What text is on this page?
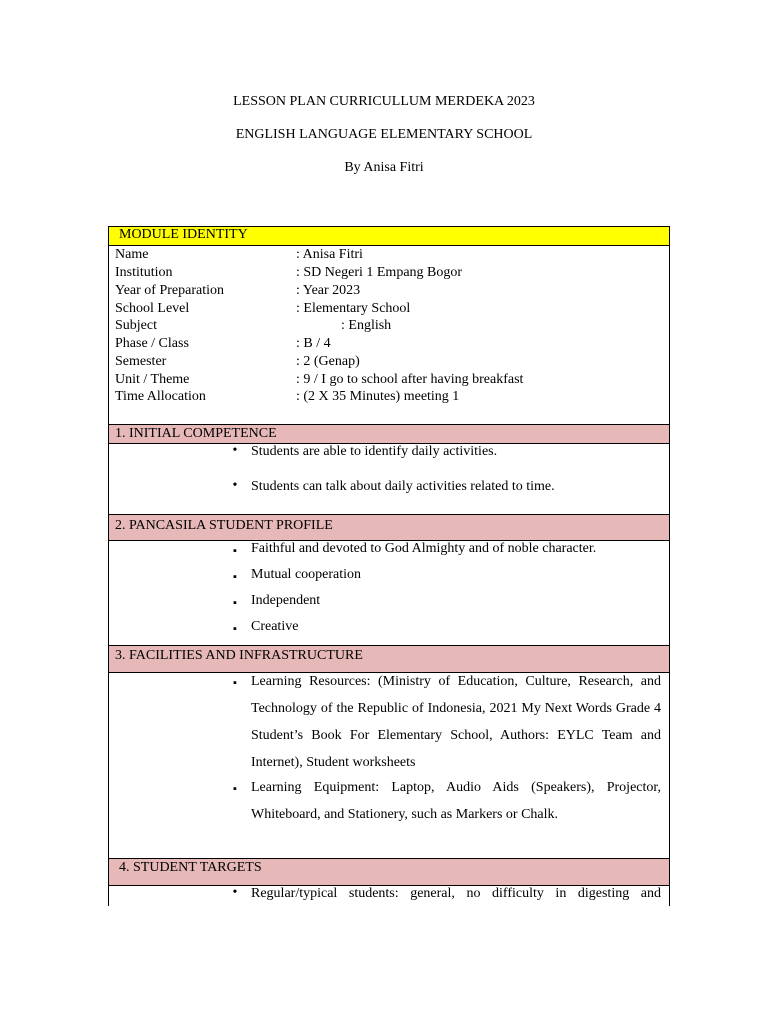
LESSON PLAN CURRICULLUM MERDEKA 2023
ENGLISH LANGUAGE ELEMENTARY SCHOOL
By Anisa Fitri
MODULE IDENTITY
Name	: Anisa Fitri
Institution	: SD Negeri 1 Empang Bogor
Year of Preparation	: Year 2023
School Level	: Elementary School
Subject	: English
Phase / Class	: B / 4
Semester	: 2 (Genap)
Unit / Theme	: 9 / I go to school after having breakfast
Time Allocation	: (2 X 35 Minutes) meeting 1
1. INITIAL COMPETENCE
• Students are able to identify daily activities.
• Students can talk about daily activities related to time.
2. PANCASILA STUDENT PROFILE
▪	Faithful and devoted to God Almighty and of noble character.
▪	Mutual cooperation
▪	Independent
▪	Creative
3. FACILITIES AND INFRASTRUCTURE
▪	Learning Resources: (Ministry of Education, Culture, Research, and Technology of the Republic of Indonesia, 2021 My Next Words Grade 4 Student’s Book For Elementary School, Authors: EYLC Team and Internet), Student worksheets
▪	Learning Equipment: Laptop, Audio Aids (Speakers), Projector, Whiteboard, and Stationery, such as Markers or Chalk.
4. STUDENT TARGETS
• Regular/typical students: general, no difficulty in digesting and
